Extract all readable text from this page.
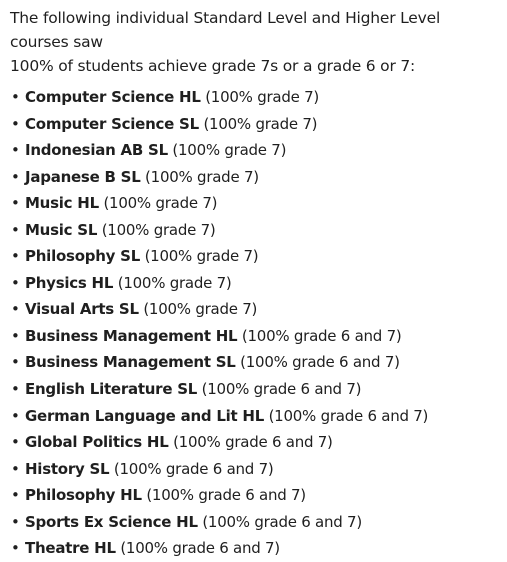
The following individual Standard Level and Higher Level courses saw
100% of students achieve grade 7s or a grade 6 or 7:

• Computer Science HL (100% grade 7)
• Computer Science SL (100% grade 7)
• Indonesian AB SL (100% grade 7)
• Japanese B SL (100% grade 7)
• Music HL (100% grade 7)
• Music SL (100% grade 7)
• Philosophy SL (100% grade 7)
• Physics HL (100% grade 7)
• Visual Arts SL (100% grade 7)
• Business Management HL (100% grade 6 and 7)
• Business Management SL (100% grade 6 and 7)
• English Literature SL (100% grade 6 and 7)
• German Language and Lit HL (100% grade 6 and 7)
• Global Politics HL (100% grade 6 and 7)
• History SL (100% grade 6 and 7)
• Philosophy HL (100% grade 6 and 7)
• Sports Ex Science HL (100% grade 6 and 7)
• Theatre HL (100% grade 6 and 7)
